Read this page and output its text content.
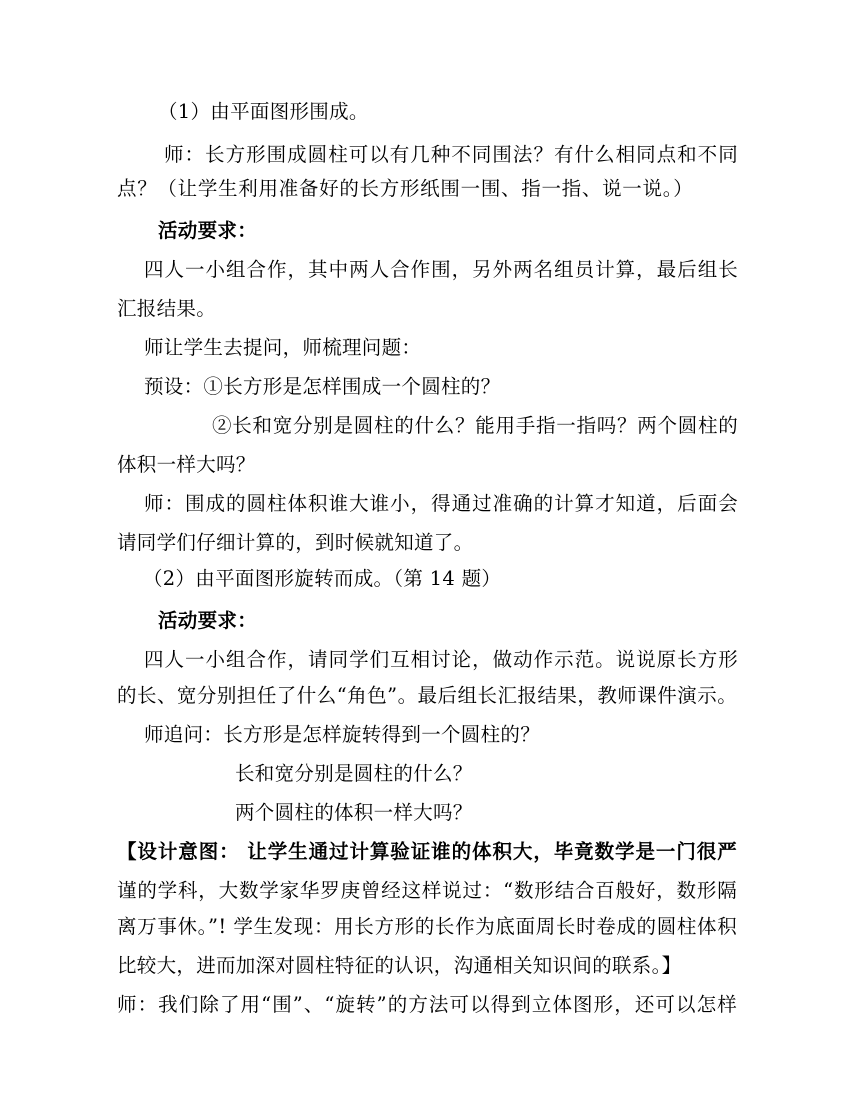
（1）由平面图形围成。
师：长方形围成圆柱可以有几种不同围法？有什么相同点和不同
点？（让学生利用准备好的长方形纸围一围、指一指、说一说。）
活动要求：
四人一小组合作，其中两人合作围，另外两名组员计算，最后组长
汇报结果。
师让学生去提问，师梳理问题：
预设：①长方形是怎样围成一个圆柱的？
②长和宽分别是圆柱的什么？能用手指一指吗？两个圆柱的
体积一样大吗？
师：围成的圆柱体积谁大谁小，得通过准确的计算才知道，后面会
请同学们仔细计算的，到时候就知道了。
（2）由平面图形旋转而成。（第 14 题）
活动要求：
四人一小组合作，请同学们互相讨论，做动作示范。说说原长方形
的长、宽分别担任了什么“角色”。最后组长汇报结果，教师课件演示。
师追问：长方形是怎样旋转得到一个圆柱的？
长和宽分别是圆柱的什么？
两个圆柱的体积一样大吗？
【设计意图： 让学生通过计算验证谁的体积大，毕竟数学是一门很严
谨的学科，大数学家华罗庚曾经这样说过：“数形结合百般好，数形隔
离万事休。”! 学生发现：用长方形的长作为底面周长时卷成的圆柱体积
比较大，进而加深对圆柱特征的认识，沟通相关知识间的联系。】
师：我们除了用“围”、“旋转”的方法可以得到立体图形，还可以怎样
